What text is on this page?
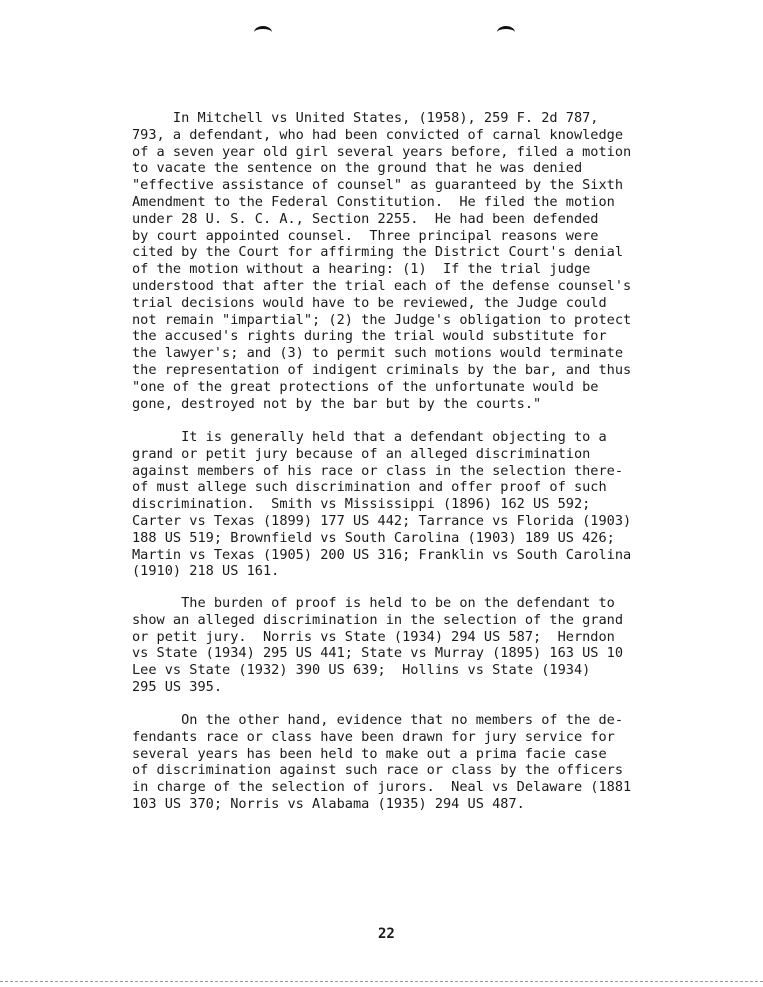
In Mitchell vs United States, (1958), 259 F. 2d 787,
793, a defendant, who had been convicted of carnal knowledge
of a seven year old girl several years before, filed a motion
to vacate the sentence on the ground that he was denied
"effective assistance of counsel" as guaranteed by the Sixth
Amendment to the Federal Constitution.  He filed the motion
under 28 U. S. C. A., Section 2255.  He had been defended
by court appointed counsel.  Three principal reasons were
cited by the Court for affirming the District Court's denial
of the motion without a hearing: (1)  If the trial judge
understood that after the trial each of the defense counsel's
trial decisions would have to be reviewed, the Judge could
not remain "impartial"; (2) the Judge's obligation to protect
the accused's rights during the trial would substitute for
the lawyer's; and (3) to permit such motions would terminate
the representation of indigent criminals by the bar, and thus
"one of the great protections of the unfortunate would be
gone, destroyed not by the bar but by the courts."
It is generally held that a defendant objecting to a
grand or petit jury because of an alleged discrimination
against members of his race or class in the selection there-
of must allege such discrimination and offer proof of such
discrimination.  Smith vs Mississippi (1896) 162 US 592;
Carter vs Texas (1899) 177 US 442; Tarrance vs Florida (1903)
188 US 519; Brownfield vs South Carolina (1903) 189 US 426;
Martin vs Texas (1905) 200 US 316; Franklin vs South Carolina
(1910) 218 US 161.
The burden of proof is held to be on the defendant to
show an alleged discrimination in the selection of the grand
or petit jury.  Norris vs State (1934) 294 US 587;  Herndon
vs State (1934) 295 US 441; State vs Murray (1895) 163 US 10
Lee vs State (1932) 390 US 639;  Hollins vs State (1934)
295 US 395.
On the other hand, evidence that no members of the de-
fendants race or class have been drawn for jury service for
several years has been held to make out a prima facie case
of discrimination against such race or class by the officers
in charge of the selection of jurors.  Neal vs Delaware (1881
103 US 370; Norris vs Alabama (1935) 294 US 487.
22
